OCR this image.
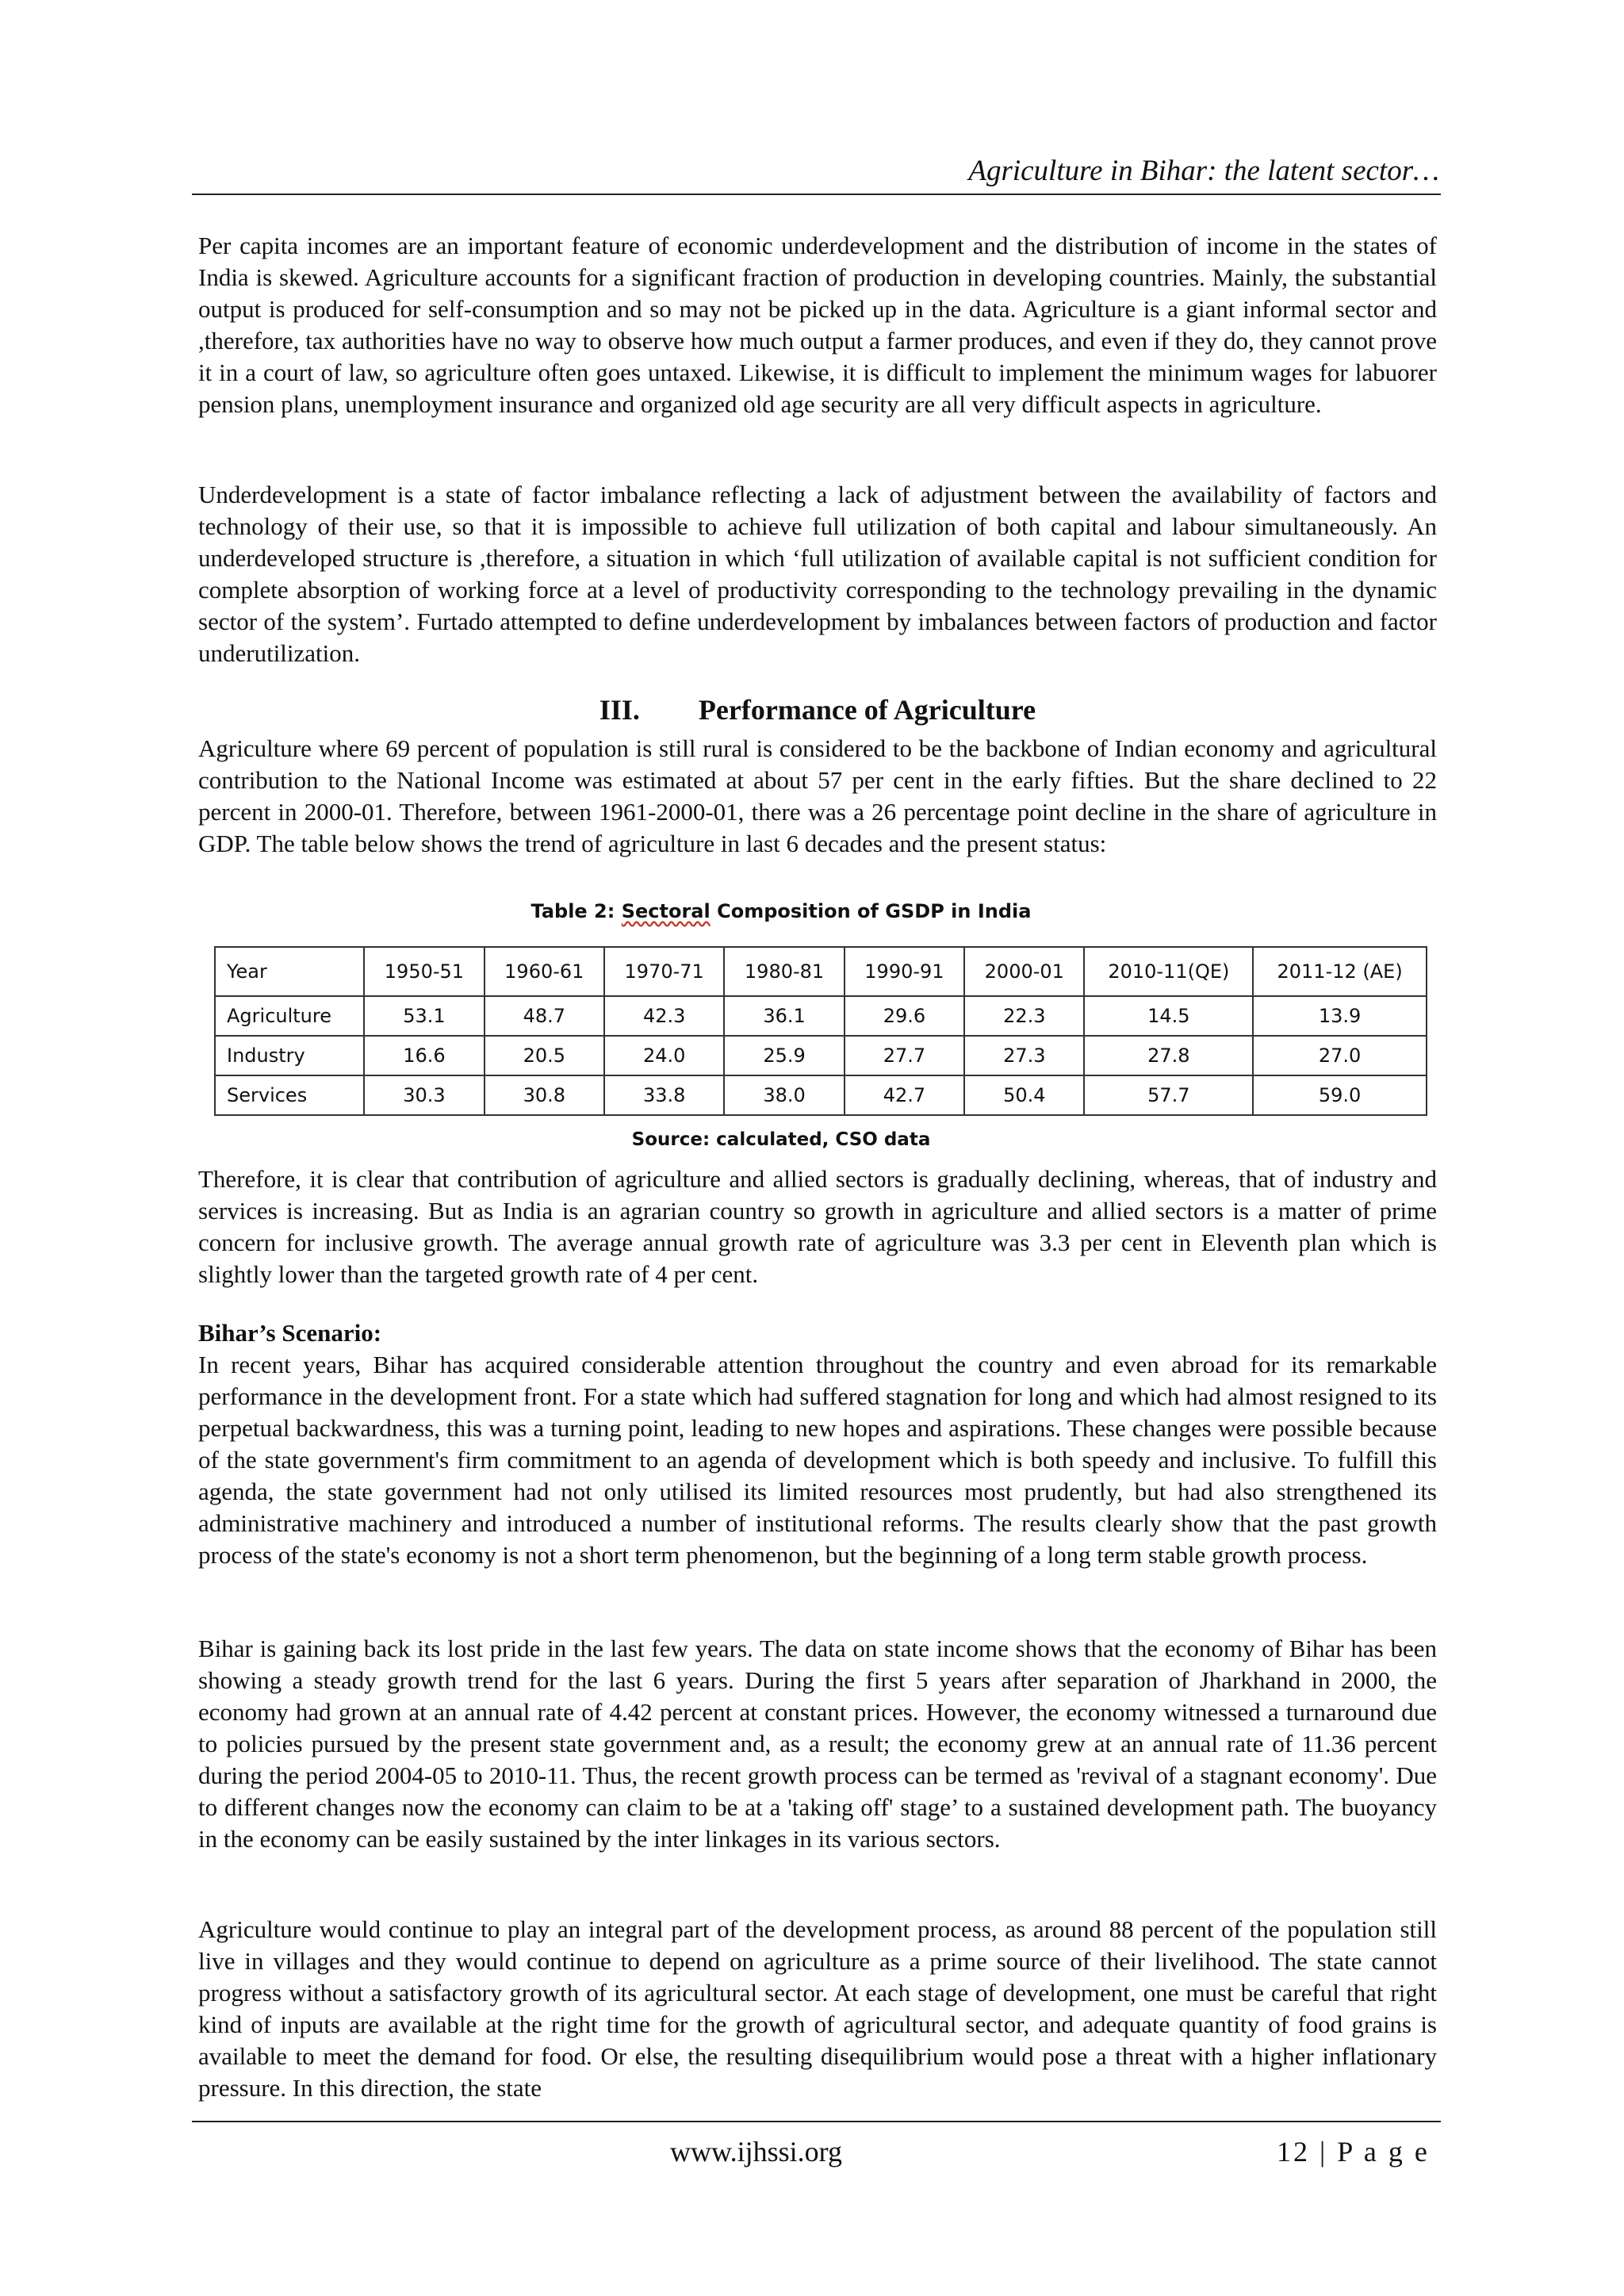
Agriculture in Bihar: the latent sector…

Per capita incomes are an important feature of economic underdevelopment and the distribution of income in the states of India is skewed. Agriculture accounts for a significant fraction of production in developing countries. Mainly, the substantial output is produced for self-consumption and so may not be picked up in the data. Agriculture is a giant informal sector and ,therefore, tax authorities have no way to observe how much output a farmer produces, and even if they do, they cannot prove it in a court of law, so agriculture often goes untaxed. Likewise, it is difficult to implement the minimum wages for labuorer pension plans, unemployment insurance and organized old age security are all very difficult aspects in agriculture.

Underdevelopment is a state of factor imbalance reflecting a lack of adjustment between the availability of factors and technology of their use, so that it is impossible to achieve full utilization of both capital and labour simultaneously. An underdeveloped structure is ,therefore, a situation in which ‘full utilization of available capital is not sufficient condition for complete absorption of working force at a level of productivity corresponding to the technology prevailing in the dynamic sector of the system’. Furtado attempted to define underdevelopment by imbalances between factors of production and factor underutilization.

III. Performance of Agriculture

Agriculture where 69 percent of population is still rural is considered to be the backbone of Indian economy and agricultural contribution to the National Income was estimated at about 57 per cent in the early fifties. But the share declined to 22 percent in 2000-01. Therefore, between 1961-2000-01, there was a 26 percentage point decline in the share of agriculture in GDP. The table below shows the trend of agriculture in last 6 decades and the present status:

Table 2: Sectoral Composition of GSDP in India
Year	1950-51	1960-61	1970-71	1980-81	1990-91	2000-01	2010-11(QE)	2011-12 (AE)
Agriculture	53.1	48.7	42.3	36.1	29.6	22.3	14.5	13.9
Industry	16.6	20.5	24.0	25.9	27.7	27.3	27.8	27.0
Services	30.3	30.8	33.8	38.0	42.7	50.4	57.7	59.0
Source: calculated, CSO data

Therefore, it is clear that contribution of agriculture and allied sectors is gradually declining, whereas, that of industry and services is increasing. But as India is an agrarian country so growth in agriculture and allied sectors is a matter of prime concern for inclusive growth. The average annual growth rate of agriculture was 3.3 per cent in Eleventh plan which is slightly lower than the targeted growth rate of 4 per cent.

Bihar’s Scenario:

In recent years, Bihar has acquired considerable attention throughout the country and even abroad for its remarkable performance in the development front. For a state which had suffered stagnation for long and which had almost resigned to its perpetual backwardness, this was a turning point, leading to new hopes and aspirations. These changes were possible because of the state government's firm commitment to an agenda of development which is both speedy and inclusive. To fulfill this agenda, the state government had not only utilised its limited resources most prudently, but had also strengthened its administrative machinery and introduced a number of institutional reforms. The results clearly show that the past growth process of the state's economy is not a short term phenomenon, but the beginning of a long term stable growth process.

Bihar is gaining back its lost pride in the last few years. The data on state income shows that the economy of Bihar has been showing a steady growth trend for the last 6 years. During the first 5 years after separation of Jharkhand in 2000, the economy had grown at an annual rate of 4.42 percent at constant prices. However, the economy witnessed a turnaround due to policies pursued by the present state government and, as a result; the economy grew at an annual rate of 11.36 percent during the period 2004-05 to 2010-11. Thus, the recent growth process can be termed as 'revival of a stagnant economy'. Due to different changes now the economy can claim to be at a 'taking off' stage’ to a sustained development path. The buoyancy in the economy can be easily sustained by the inter linkages in its various sectors.

Agriculture would continue to play an integral part of the development process, as around 88 percent of the population still live in villages and they would continue to depend on agriculture as a prime source of their livelihood. The state cannot progress without a satisfactory growth of its agricultural sector. At each stage of development, one must be careful that right kind of inputs are available at the right time for the growth of agricultural sector, and adequate quantity of food grains is available to meet the demand for food. Or else, the resulting disequilibrium would pose a threat with a higher inflationary pressure. In this direction, the state

www.ijhssi.org	12 | P a g e
